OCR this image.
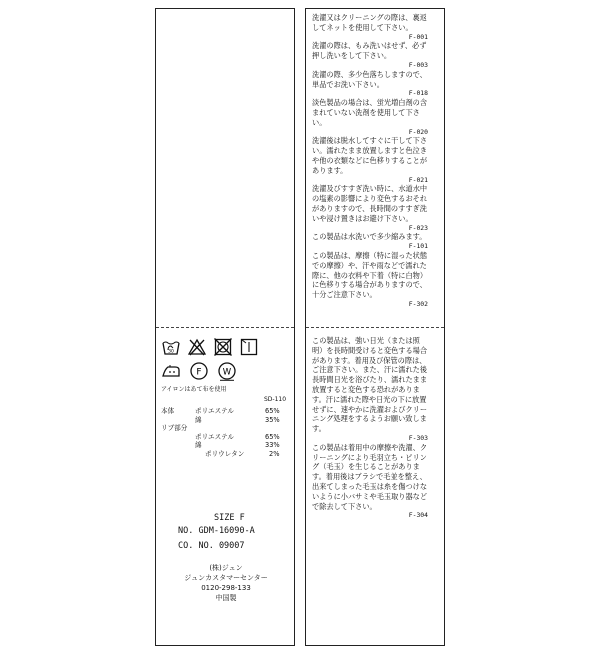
30
F W
アイロンはあて布を使用
SD-110
本体	ポリエステル	65%
綿	35%
リブ部分
ポリエステル	65%
綿	33%
ポリウレタン	2%
SIZE F
NO. GDM-16090-A
CO. NO. 09007
(株)ジュン
ジュンカスタマーセンター
0120-298-133
中国製

洗濯又はクリーニングの際は、裏返してネットを使用して下さい。

F-001

洗濯の際は、もみ洗いはせず、必ず押し洗いをして下さい。

F-003

洗濯の際、多少色落ちしますので、単品でお洗い下さい。

F-018

淡色製品の場合は、蛍光増白剤の含まれていない洗剤を使用して下さい。

F-020

洗濯後は脱水してすぐに干して下さい。濡れたまま放置しますと色泣きや他の衣類などに色移りすることがあります。

F-021

洗濯及びすすぎ洗い時に、水道水中の塩素の影響により変色するおそれがありますので、長時間のすすぎ洗いや浸け置きはお避け下さい。

F-023

この製品は水洗いで多少縮みます。

F-101

この製品は、摩擦（特に湿った状態での摩擦）や、汗や雨などで濡れた際に、他の衣料や下着（特に白物）に色移りする場合がありますので、十分ご注意下さい。

F-302

この製品は、強い日光（または照明）を長時間受けると変色する場合があります。着用及び保管の際は、ご注意下さい。また、汗に濡れた後長時間日光を浴びたり、濡れたまま放置すると変色する恐れがあります。汗に濡れた際や日光の下に放置せずに、速やかに洗濯およびクリーニング処理をするようお願い致します。

F-303

この製品は着用中の摩擦や洗濯、クリーニングにより毛羽立ち・ピリング（毛玉）を生じることがあります。着用後はブラシで毛並を整え、出来てしまった毛玉は糸を傷つけないように小バサミや毛玉取り器などで除去して下さい。

F-304
